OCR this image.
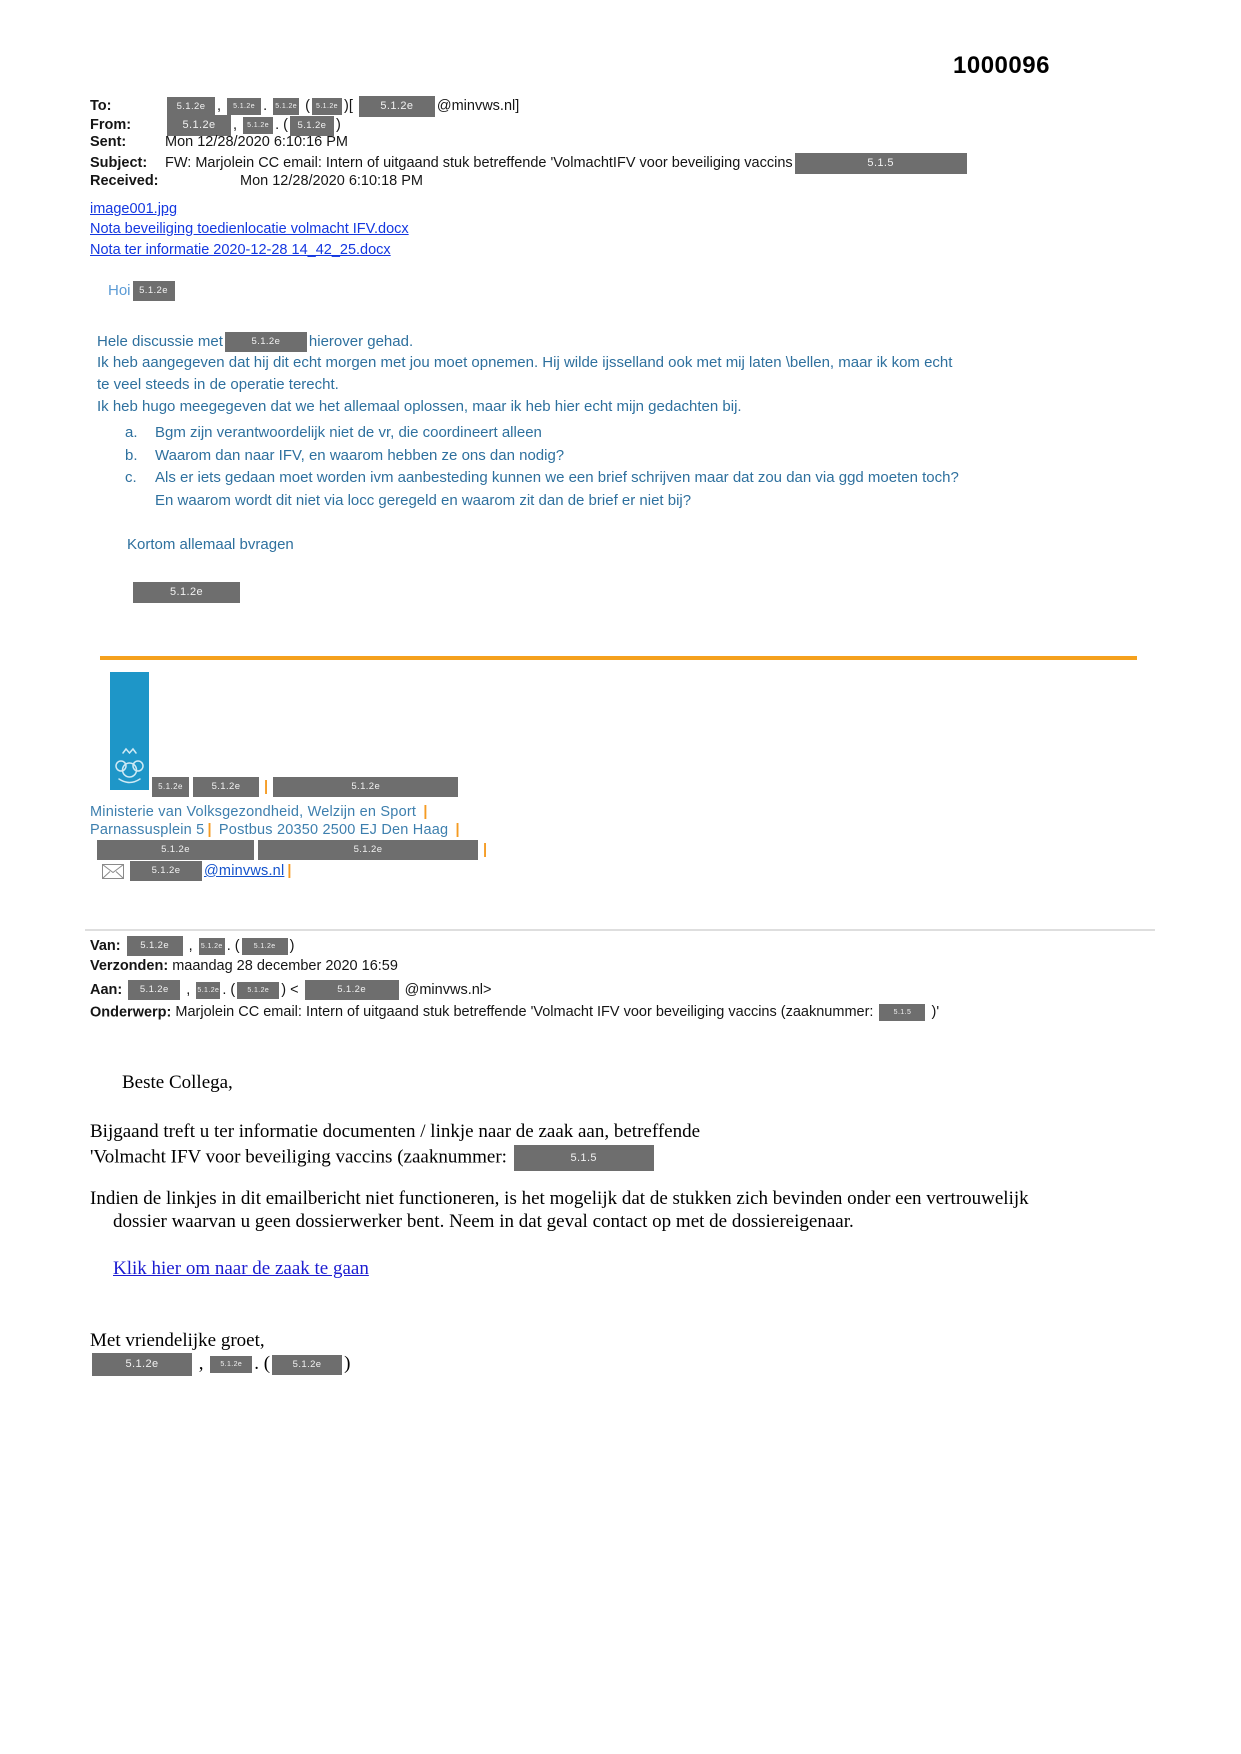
1000096
To:	5.1.2e , 5.1.2e . 5.1.2e ( 5.1.2e )[ 5.1.2e @minvws.nl]
From:	5.1.2e , 5.1.2e . ( 5.1.2e )
Sent:	Mon 12/28/2020 6:10:16 PM
Subject: FW: Marjolein CC email: Intern of uitgaand stuk betreffende 'VolmachtIFV voor beveiliging vaccins	5.1.5
Received:	Mon 12/28/2020 6:10:18 PM
image001.jpg
Nota beveiliging toedienlocatie volmacht IFV.docx
Nota ter informatie 2020-12-28 14_42_25.docx
Hoi 5.1.2e
Hele discussie met	5.1.2e hierover gehad.
Ik heb aangegeven dat hij dit echt morgen met jou moet opnemen. Hij wilde ijsselland ook met mij laten \bellen, maar ik kom echt
te veel steeds in de operatie terecht.
Ik heb hugo meegegeven dat we het allemaal oplossen, maar ik heb hier echt mijn gedachten bij.
a. Bgm zijn verantwoordelijk niet de vr, die coordineert alleen
b. Waarom dan naar IFV, en waarom hebben ze ons dan nodig?
c. Als er iets gedaan moet worden ivm aanbesteding kunnen we een brief schrijven maar dat zou dan via ggd moeten toch?
En waarom wordt dit niet via locc geregeld en waarom zit dan de brief er niet bij?
Kortom allemaal bvragen
5.1.2e
5.1.2e	5.1.2e |	5.1.2e
Ministerie van Volksgezondheid, Welzijn en Sport |
Parnassusplein 5 | Postbus 20350 2500 EJ Den Haag |
5.1.2e	5.1.2e	|
5.1.2e @minvws.nl |
Van: 5.1.2e , 5.1.2e . ( 5.1.2e )
Verzonden: maandag 28 december 2020 16:59
Aan: 5.1.2e , 5.1.2e . ( 5.1.2e ) <	5.1.2e @minvws.nl>
Onderwerp: Marjolein CC email: Intern of uitgaand stuk betreffende 'Volmacht IFV voor beveiliging vaccins (zaaknummer: 5.1.5 )'
Beste Collega,
Bijgaand treft u ter informatie documenten / linkje naar de zaak aan, betreffende
'Volmacht IFV voor beveiliging vaccins (zaaknummer:	5.1.5
Indien de linkjes in dit emailbericht niet functioneren, is het mogelijk dat de stukken zich bevinden onder een vertrouwelijk
dossier waarvan u geen dossierwerker bent. Neem in dat geval contact op met de dossiereigenaar.
Klik hier om naar de zaak te gaan
Met vriendelijke groet,
5.1.2e , 5.1.2e . ( 5.1.2e )
